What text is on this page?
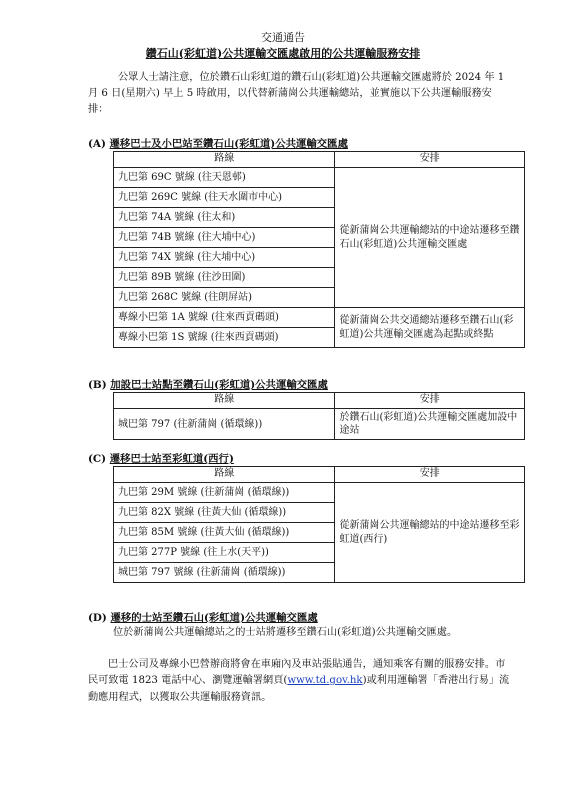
交通通告
鑽石山(彩虹道)公共運輸交匯處啟用的公共運輸服務安排
公眾人士請注意，位於鑽石山彩虹道的鑽石山(彩虹道)公共運輸交匯處將於 2024 年 1 月 6 日(星期六) 早上 5 時啟用，以代替新蒲崗公共運輸總站，並實施以下公共運輸服務安排：
(A) 遷移巴士及小巴站至鑽石山(彩虹道)公共運輸交匯處
路線	安排
九巴第 69C 號線 (往天恩邨)	從新蒲崗公共運輸總站的中途站遷移至鑽石山(彩虹道)公共運輸交匯處
九巴第 269C 號線 (往天水圍市中心)	
九巴第 74A 號線 (往太和)	
九巴第 74B 號線 (往大埔中心)	
九巴第 74X 號線 (往大埔中心)	
九巴第 89B 號線 (往沙田圍)	
九巴第 268C 號線 (往朗屏站)	
專線小巴第 1A 號線 (往來西貢碼頭)	從新蒲崗公共交通總站遷移至鑽石山(彩虹道)公共運輸交匯處為起點或終點
專線小巴第 1S 號線 (往來西貢碼頭)	
(B) 加設巴士站點至鑽石山(彩虹道)公共運輸交匯處
路線	安排
城巴第 797 (往新蒲崗 (循環線))	於鑽石山(彩虹道)公共運輸交匯處加設中途站
(C) 遷移巴士站至彩虹道(西行)
路線	安排
九巴第 29M 號線 (往新蒲崗 (循環線))	從新蒲崗公共運輸總站的中途站遷移至彩虹道(西行)
九巴第 82X 號線 (往黃大仙 (循環線))	
九巴第 85M 號線 (往黃大仙 (循環線))	
九巴第 277P 號線 (往上水(天平))	
城巴第 797 號線 (往新蒲崗 (循環線))	
(D) 遷移的士站至鑽石山(彩虹道)公共運輸交匯處
位於新蒲崗公共運輸總站之的士站將遷移至鑽石山(彩虹道)公共運輸交匯處。
巴士公司及專線小巴營辦商將會在車廂內及車站張貼通告，通知乘客有關的服務安排。市民可致電 1823 電話中心、瀏覽運輸署網頁(www.td.gov.hk)或利用運輸署「香港出行易」流動應用程式，以獲取公共運輸服務資訊。
